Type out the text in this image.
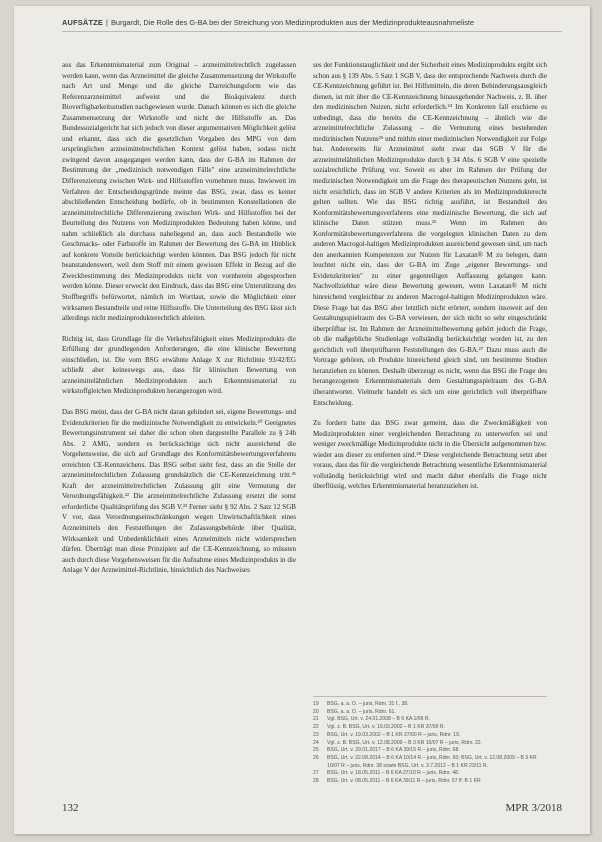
AUFSÄTZE | Burgardt, Die Rolle des G-BA bei der Streichung von Medizinprodukten aus der Medizinprodukteausnahmeliste

aus das Erkenntnismaterial zum Original – arzneimittelrechtlich zugelassen werden kann, wenn das Arzneimittel die gleiche Zusammensetzung der Wirkstoffe nach Art und Menge und die gleiche Darreichungsform wie das Referenzarzneimittel aufweist und die Bioäquivalenz durch Bioverfügbarkeitsstudien nachgewiesen wurde. Danach können es sich die gleiche Zusammensetzung der Wirkstoffe und nicht der Hilfsstoffe an. Das Bundessozialgericht hat sich jedoch von dieser argumentativen Möglichkeit gelöst und erkannt, dass sich die gesetzlichen Vorgaben des MPG von dem ursprünglichen arzneimittelrechtlichen Kontext gelöst haben, sodass nicht zwingend davon ausgegangen werden kann, dass der G-BA im Rahmen der Bestimmung der „medizinisch notwendigen Fälle" eine arzneimittelrechtliche Differenzierung zwischen Wirk- und Hilfsstoffen vornehmen muss. Inwieweit im Verfahren der Entscheidungsgründe meinte das BSG, zwar, dass es keiner abschließenden Entscheidung bedürfe, ob in bestimmten Konstellationen die arzneimittelrechtliche Differenzierung zwischen Wirk- und Hilfsstoffen bei der Beurteilung des Nutzens von Medizinprodukten Bedeutung haben könne, und nahm schließlich als durchaus naheliegend an, dass auch Bestandteile wie Geschmacks- oder Farbstoffe im Rahmen der Bewertung des G-BA im Hinblick auf konkrete Vorteile berücksichtigt werden könnten. Das BSG jedoch für nicht beanstandenswert, weil dem Stoff mit einem gewissen Effekt in Bezug auf die Zweckbestimmung des Medizinprodukts nicht von vornherein abgesprochen werden könne. Dieser erweckt den Eindruck, dass das BSG eine Unterstützung des Stoffbegriffs befürwortet, nämlich im Wortlaut, sowie die Möglichkeit einer wirksamen Bestandteile und reine Hilfsstoffe. Die Unterteilung des BSG lässt sich allerdings nicht medizinprodukterechtlich ableiten.

Richtig ist, dass Grundlage für die Verkehrsfähigkeit eines Medizinprodukts die Erfüllung der grundlegenden Anforderungen, die eine klinische Bewertung einschließen, ist. Die vom BSG erwähnte Anlage X zur Richtlinie 93/42/EG schließt aber keineswegs aus, dass für klinischen Bewertung von arzneimittelähnlichen Medizinprodukten auch Erkenntnismaterial zu wirkstoffgleichen Medizinprodukten herangezogen wird.

Das BSG meint, dass der G-BA nicht daran gehindert sei, eigene Bewertungs- und Evidenzkriterien für die medizinische Notwendigkeit zu entwickeln.²⁰ Geeignetes Bewertungsinstrument sei daher die schon oben dargestellte Parallele zu § 24h Abs. 2 AMG, sondern es berücksichtige sich nicht ausreichend die Vorgehensweise, die sich auf Grundlage des Konformitätsbewertungsverfahrens erreichten CE-Kennzeichens. Das BSG selbst sieht fest, dass an die Stelle der arzneimittelrechtlichen Zulassung grundsätzlich die CE-Kennzeichnung tritt.²¹ Kraft der arzneimittelrechtlichen Zulassung gilt eine Vermutung der Verordnungsfähigkeit.²² Die arzneimittelrechtliche Zulassung ersetzt die sonst erforderliche Qualitätsprüfung des SGB V.²³ Ferner sieht § 92 Abs. 2 Satz 12 SGB V vor, dass Verordnungseinschränkungen wegen Unwirtschaftlichkeit eines Arzneimittels den Feststellungen der Zulassungsbehörde über Qualität, Wirksamkeit und Unbedenklichkeit eines Arzneimittels nicht widersprechen dürfen. Überträgt man diese Prinzipien auf die CE-Kennzeichnung, so müssten auch durch diese Vorgehensweisen für die Aufnahme eines Medizinprodukts in die Anlage V der Arzneimittel-Richtlinie, hinsichtlich des Nachweises

ses der Funktionstauglichkeit und der Sicherheit eines Medizinprodukts ergibt sich schon aus § 139 Abs. 5 Satz 1 SGB V, dass der entsprechende Nachweis durch die CE-Kennzeichnung geführt ist. Bei Hilfsmitteln, die deren Behinderungsausgleich dienen, ist mit über die CE-Kennzeichnung hinausgehender Nachweis, z. B. über den medizinischen Nutzen, nicht erforderlich.²⁴ Im Konkreten fall erschiene es unbedingt, dass die bereits die CE-Kennzeichnung – ähnlich wie die arzneimittelrechtliche Zulassung – die Vermutung eines bestehenden medizinischen Nutzens²⁵ und mithin einer medizinischen Notwendigkeit zur Folge hat. Andererseits für Arzneimittel sieht zwar das SGB V für die arzneimittelähnlichen Medizinprodukte durch § 34 Abs. 6 SGB V eine spezielle sozialrechtliche Prüfung vor. Soweit es aber im Rahmen der Prüfung der medizinischen Notwendigkeit um die Frage des therapeutischen Nutzens geht, ist nicht ersichtlich, dass im SGB V andere Kriterien als im Medizinprodukterecht gelten sollten. Wie das BSG richtig ausführt, ist Bestandteil des Konformitätsbewertungsverfahrens eine medizinische Bewertung, die sich auf klinische Daten stützen muss.²⁶ Wenn im Rahmen des Konformitätsbewertungsverfahrens die vorgelegten klinischen Daten zu dem anderen Macrogol-haltigen Medizinprodukten ausreichend gewesen sind, um nach den anerkannten Kompetenzen zur Nutzen für Laxatan® M zu belegen, dann leuchtet nicht ein, dass der G-BA im Zuge „eigener Bewertungs- und Evidenzkriterien" zu einer gegenteiligen Auffassung gelangen kann. Nachvollziehbar wäre diese Bewertung gewesen, wenn Laxatan® M nicht hinreichend vergleichbar zu anderen Macrogol-haltigen Medizinprodukten wäre. Diese Frage hat das BSG aber letztlich nicht erörtert, sondern insoweit auf den Gestaltungsspielraum des G-BA verwiesen, der sich nicht so sehr eingeschränkt überprüfbar ist. Im Rahmen der Arzneimittelbewertung gehört jedoch die Frage, ob die maßgebliche Studienlage vollständig berücksichtigt worden ist, zu den gerichtlich voll überprüfbaren Feststellungen des G-BA.²⁷ Dazu muss auch die Vortrage gehören, ob Produkte hinreichend gleich sind, um bestimmte Studien heranziehen zu können. Deshalb überzeugt es nicht, wenn das BSG die Frage des herangezogenen Erkenntnismaterials dem Gestaltungsspielraum des G-BA überantwortet. Vielmehr handelt es sich um eine gerichtlich voll überprüfbare Entscheidung.

Zu fordern hatte das BSG zwar gemeint, dass die Zweckmäßigkeit von Medizinprodukten einer vergleichenden Betrachtung zu unterwerfen sei und weniger zweckmäßige Medizinprodukte nicht in die Übersicht aufgenommen bzw. wieder aus dieser zu entfernen sind.²⁸ Diese vergleichende Betrachtung setzt aber voraus, dass das für die vergleichende Betrachtung wesentliche Erkenntnismaterial vollständig berücksichtigt wird und macht daher ebenfalls die Frage nicht überflüssig, welches Erkenntnismaterial heranzuziehen ist.

19	BSG, a. a. O. – juris, Rdnr. 31 f., 38.
20	BSG, a. a. O. – juris, Rdnr. 61.
21	Vgl. BSG, Urt. v. 24.01.2008 – B 6 KA 1/06 R.
22	Vgl. z. B. BSG, Urt. v. 19.03.2002 – B 1 KR 37/00 R.
23	BSG, Urt. v. 19.03.2002 – B 1 KR 37/00 R – juris, Rdnr. 19.
24	Vgl. z. B. BSG, Urt. v. 12.08.2009 – B 3 KR 10/07 R – juris, Rdnr. 22.
25	BSG, Urt. v. 29.01.2017 – B 6 KA 39/15 R – juris, Rdnr. 68.
26	BSG, Urt. v. 22.08.2014 – B 6 KA 10/14 R – juris, Rdnr. 60; BSG, Urt. v. 12.08.2009 – B 3 KR 10/07 R – juris, Rdnr. 38 sowie BSG, Urt. v. 3.7.2012 – B 1 KR 23/11 R.
27	BSG, Urt. v. 18.05.2011 – B 6 KA 27/10 R – juris, Rdnr. 48.
28	BSG, Urt. v. 08.05.2011 – B 6 KA 39/11 R – juris, Rdnr. 57 ff. B 1 KR
132	MPR 3/2018
